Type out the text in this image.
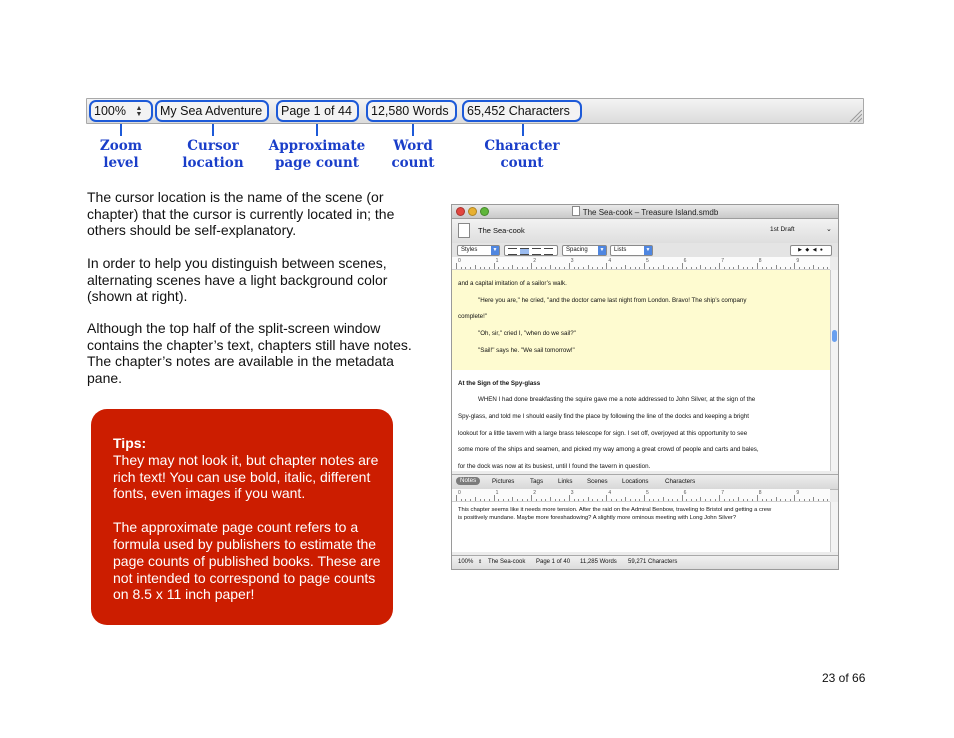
100% ▲
▼	My Sea Adventure	Page 1 of 44	12,580 Words	65,452 Characters
Zoom level
Cursor location
Approximate page count
Word count
Character count
The cursor location is the name of the scene (or chapter) that the cursor is currently located in; the others should be self-explanatory.
In order to help you distinguish between scenes, alternating scenes have a light background color (shown at right).
Although the top half of the split-screen window contains the chapter’s text, chapters still have notes. The chapter’s notes are available in the metadata pane.
Tips:
They may not look it, but chapter notes are rich text! You can use bold, italic, different fonts, even images if you want.
The approximate page count refers to a formula used by publishers to estimate the page counts of published books. These are not intended to correspond to page counts on 8.5 x 11 inch paper!
The Sea-cook – Treasure Island.smdb
The Sea-cook	1st Draft	⌄
Styles	▼	Spacing	▼	Lists	▼	▶ ◆ ◀ ●
0	1	2	3	4	5	6	7	8	9
and a capital imitation of a sailor’s walk.
"Here you are," he cried, "and the doctor came last night from London. Bravo! The ship’s company
complete!"
"Oh, sir," cried I, "when do we sail?"
"Sail!" says he. "We sail tomorrow!"
At the Sign of the Spy-glass
WHEN I had done breakfasting the squire gave me a note addressed to John Silver, at the sign of the
Spy-glass, and told me I should easily find the place by following the line of the docks and keeping a bright
lookout for a little tavern with a large brass telescope for sign. I set off, overjoyed at this opportunity to see
some more of the ships and seamen, and picked my way among a great crowd of people and carts and bales,
for the dock was now at its busiest, until I found the tavern in question.
Notes	Pictures	Tags Links Scenes Locations	Characters
0	1	2	3	4	5	6	7	8	9
This chapter seems like it needs more tension. After the raid on the Admiral Benbow, traveling to Bristol and getting a crew
is positively mundane. Maybe more foreshadowing? A slightly more ominous meeting with Long John Silver?
100% ⇕ The Sea-cook Page 1 of 40 11,285 Words 59,271 Characters
23 of 66
